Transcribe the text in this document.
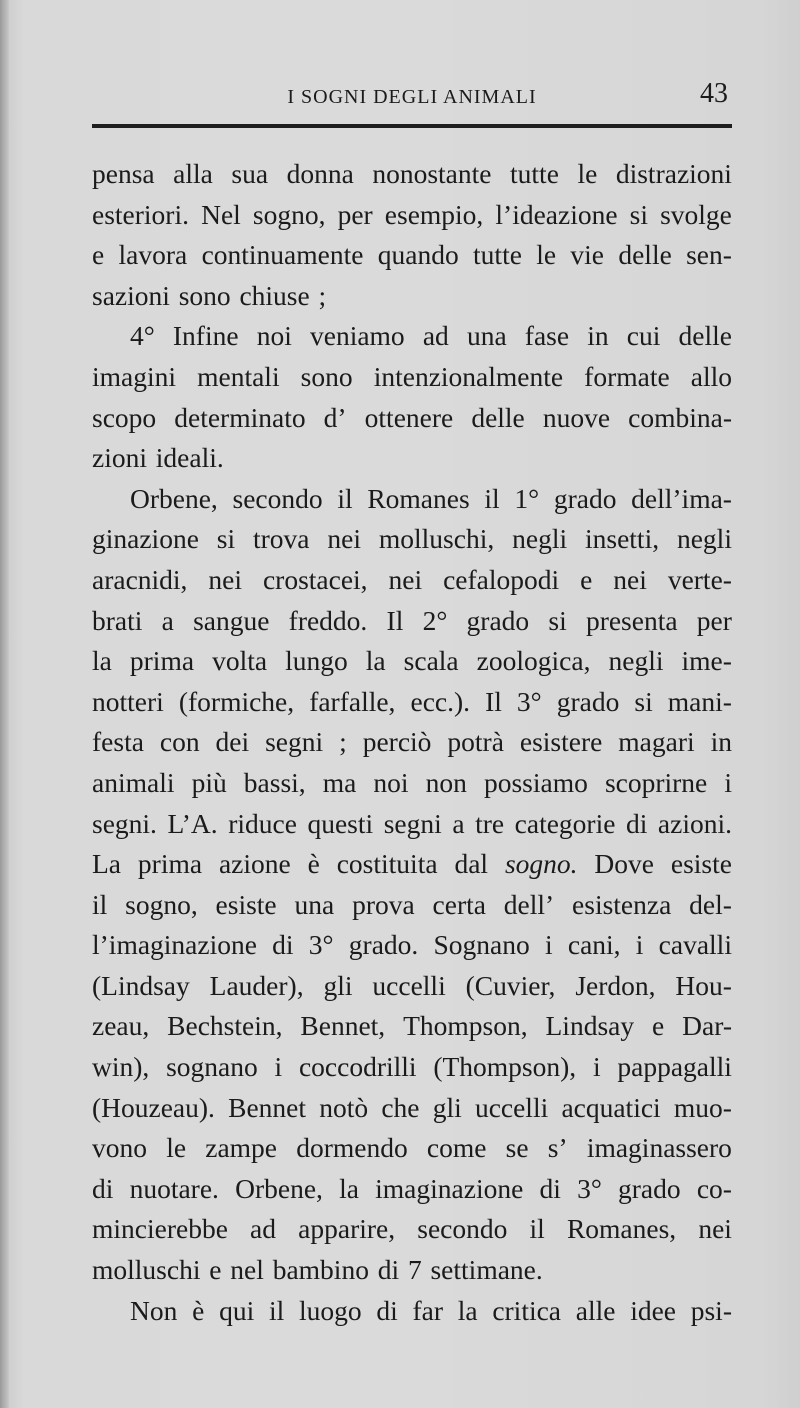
I SOGNI DEGLI ANIMALI	43
pensa alla sua donna nonostante tutte le distrazioni
esteriori. Nel sogno, per esempio, l’ideazione si svolge
e lavora continuamente quando tutte le vie delle sen-
sazioni sono chiuse ;
4° Infine noi veniamo ad una fase in cui delle
imagini mentali sono intenzionalmente formate allo
scopo determinato d’ ottenere delle nuove combina-
zioni ideali.
Orbene, secondo il Romanes il 1° grado dell’ima-
ginazione si trova nei molluschi, negli insetti, negli
aracnidi, nei crostacei, nei cefalopodi e nei verte-
brati a sangue freddo. Il 2° grado si presenta per
la prima volta lungo la scala zoologica, negli ime-
notteri (formiche, farfalle, ecc.). Il 3° grado si mani-
festa con dei segni ; perciò potrà esistere magari in
animali più bassi, ma noi non possiamo scoprirne i
segni. L’A. riduce questi segni a tre categorie di azioni.
La prima azione è costituita dal sogno. Dove esiste
il sogno, esiste una prova certa dell’ esistenza del-
l’imaginazione di 3° grado. Sognano i cani, i cavalli
(Lindsay Lauder), gli uccelli (Cuvier, Jerdon, Hou-
zeau, Bechstein, Bennet, Thompson, Lindsay e Dar-
win), sognano i coccodrilli (Thompson), i pappagalli
(Houzeau). Bennet notò che gli uccelli acquatici muo-
vono le zampe dormendo come se s’ imaginassero
di nuotare. Orbene, la imaginazione di 3° grado co-
mincierebbe ad apparire, secondo il Romanes, nei
molluschi e nel bambino di 7 settimane.
Non è qui il luogo di far la critica alle idee psi-
